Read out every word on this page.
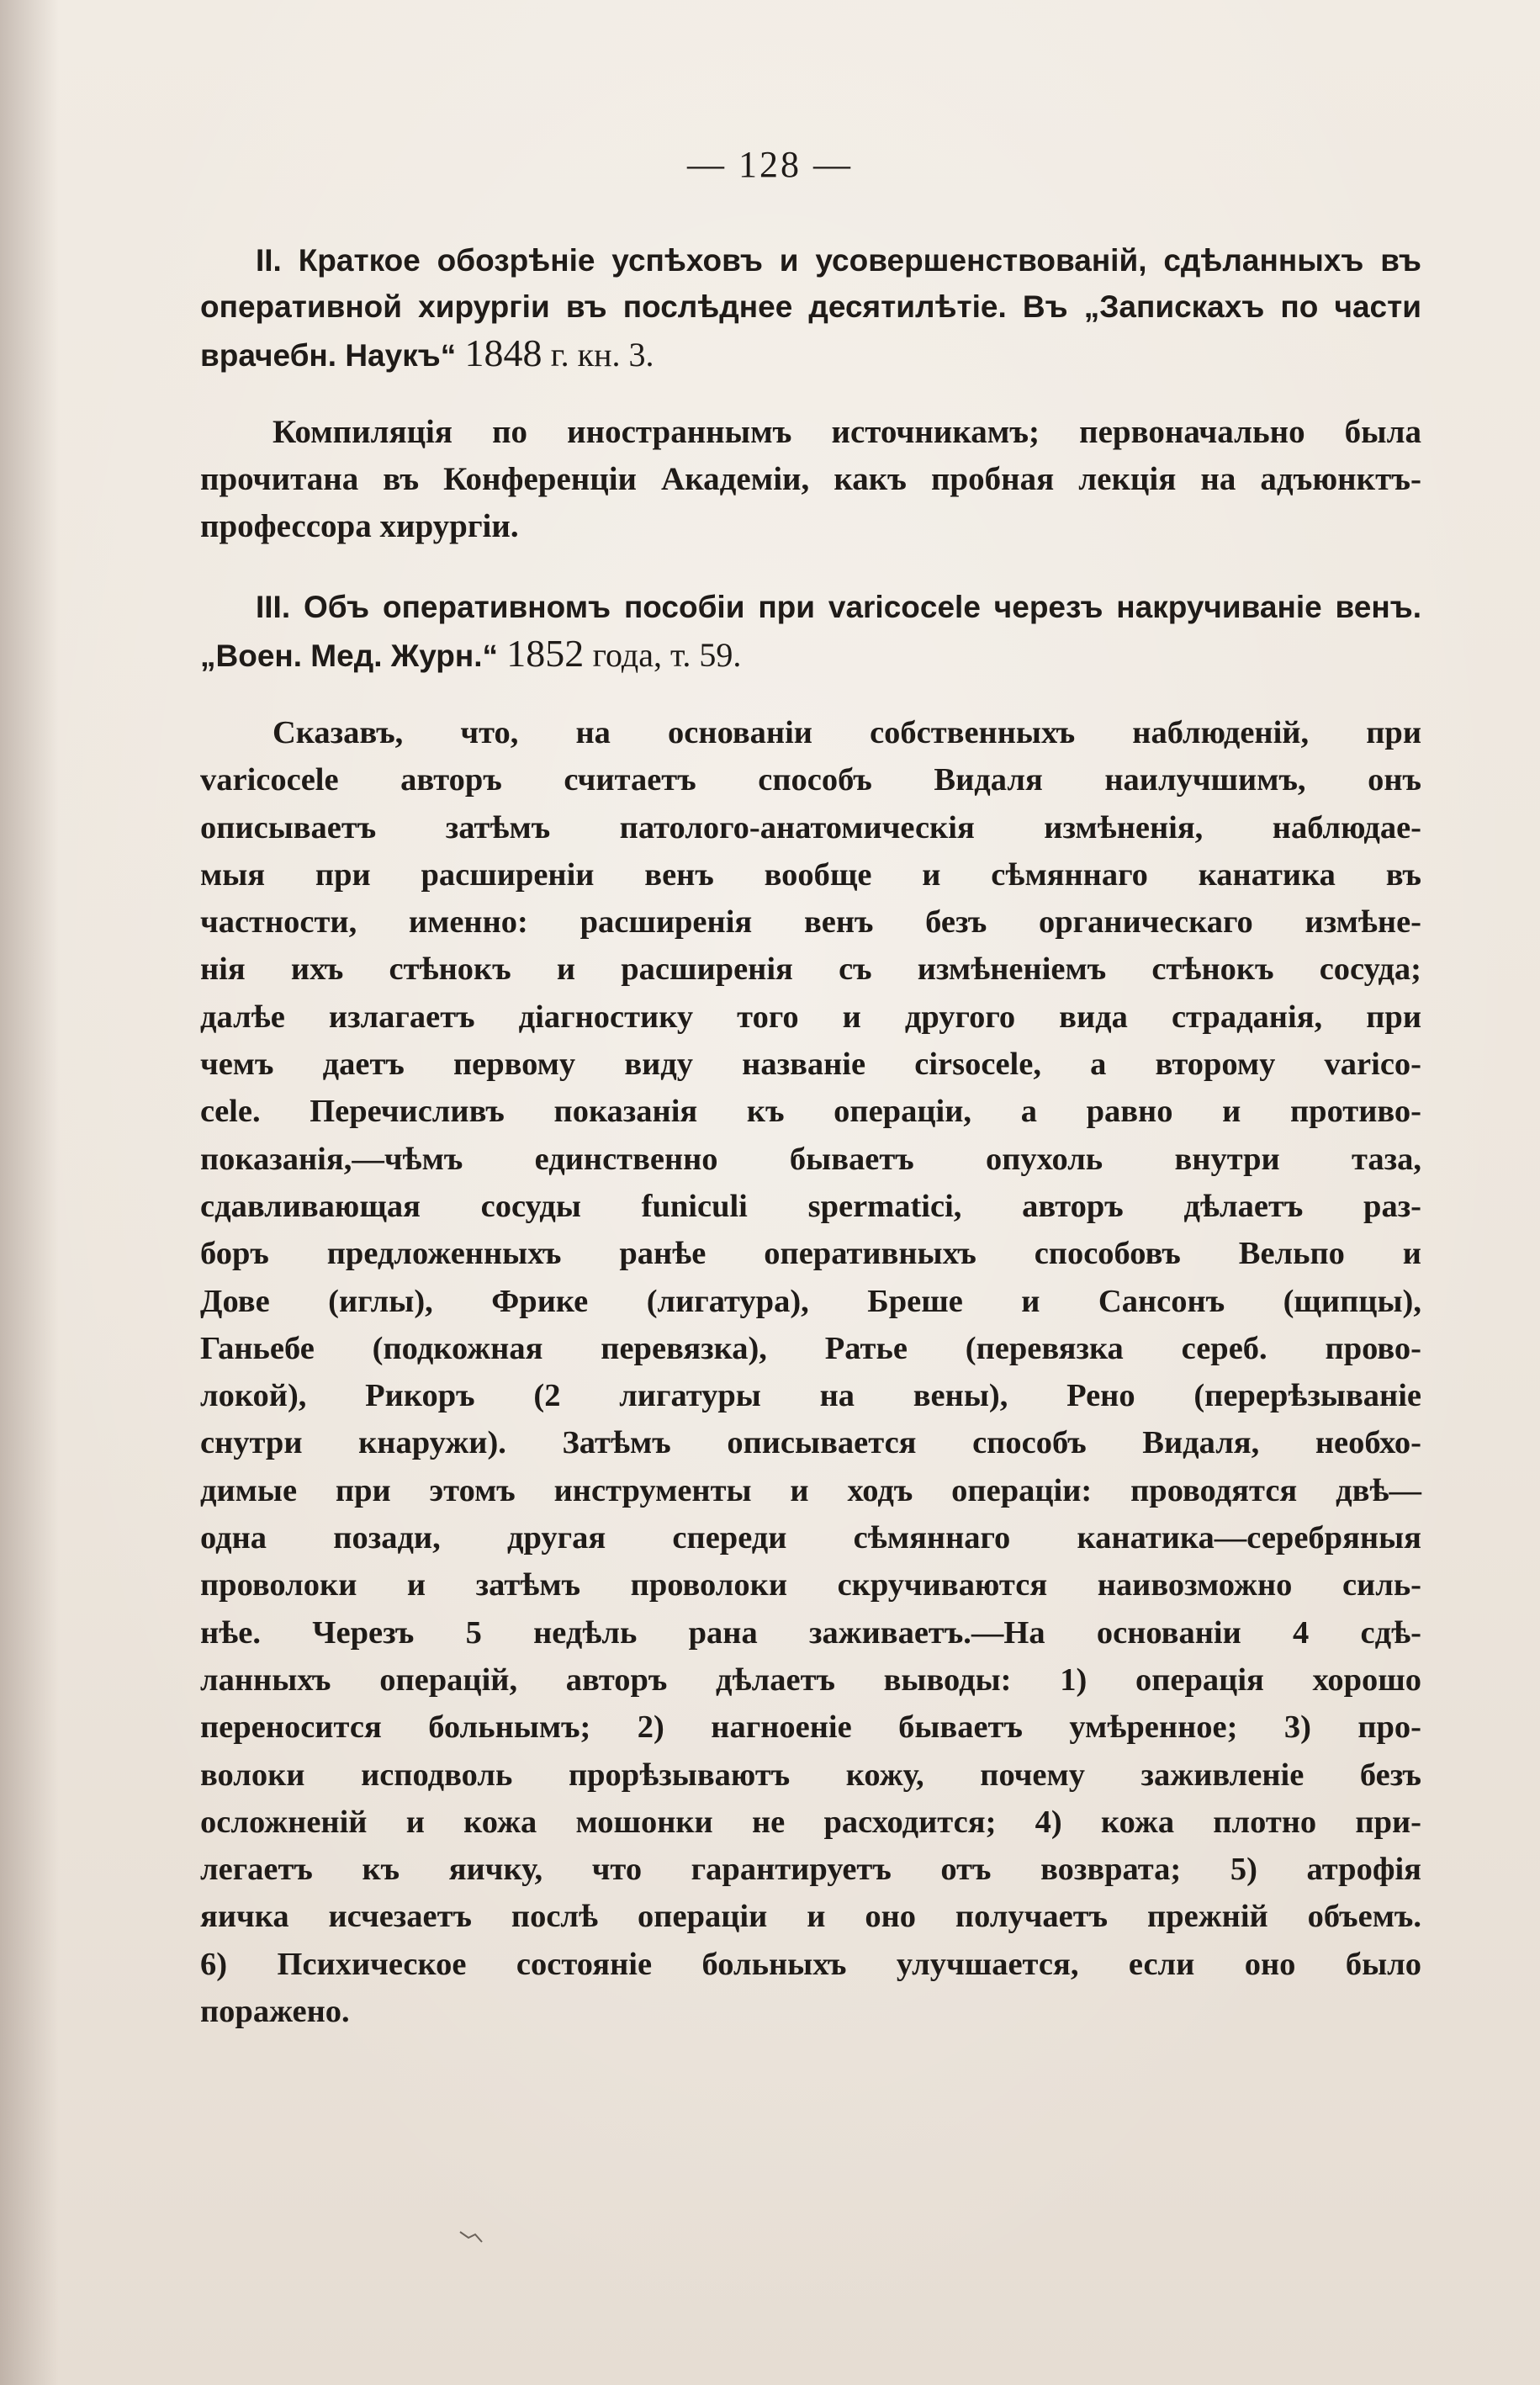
— 128 —

II. Краткое обозрѣніе успѣховъ и усовершенствованій, сдѣланныхъ въ оперативной хирургіи въ послѣднее десятилѣтіе. Въ „Запискахъ по части врачебн. Наукъ“ 1848 г. кн. 3.

Компиляція по иностраннымъ источникамъ; первоначально была прочитана въ Конференціи Академіи, какъ пробная лекція на адъюнктъ-профессора хирургіи.

III. Объ оперативномъ пособіи при varicocele черезъ накручиваніе венъ. „Воен. Мед. Журн.“ 1852 года, т. 59.

Сказавъ, что, на основаніи собственныхъ наблюденій, при
varicocele авторъ считаетъ способъ Видаля наилучшимъ, онъ
описываетъ затѣмъ патолого-анатомическія измѣненія, наблюдае-
мыя при расширеніи венъ вообще и сѣмяннаго канатика въ
частности, именно: расширенія венъ безъ органическаго измѣне-
нія ихъ стѣнокъ и расширенія съ измѣненіемъ стѣнокъ сосуда;
далѣе излагаетъ діагностику того и другого вида страданія, при
чемъ даетъ первому виду названіе cirsocele, а второму varico-
cele. Перечисливъ показанія къ операціи, а равно и противо-
показанія,—чѣмъ единственно бываетъ опухоль внутри таза,
сдавливающая сосуды funiculi spermatici, авторъ дѣлаетъ раз-
боръ предложенныхъ ранѣе оперативныхъ способовъ Вельпо и
Дове (иглы), Фрике (лигатура), Брешe и Сансонъ (щипцы),
Ганьебе (подкожная перевязка), Ратье (перевязка сереб. прово-
локой), Рикоръ (2 лигатуры на вены), Рено (перерѣзываніе
снутри кнаружи). Затѣмъ описывается способъ Видаля, необхо-
димые при этомъ инструменты и ходъ операціи: проводятся двѣ—
одна позади, другая спереди сѣмяннаго канатика—серебряныя
проволоки и затѣмъ проволоки скручиваются наивозможно силь-
нѣе. Черезъ 5 недѣль рана заживаетъ.—На основаніи 4 сдѣ-
ланныхъ операцій, авторъ дѣлаетъ выводы: 1) операція хорошо
переносится больнымъ; 2) нагноеніе бываетъ умѣренное; 3) про-
волоки исподволь прорѣзываютъ кожу, почему заживленіе безъ
осложненій и кожа мошонки не расходится; 4) кожа плотно при-
легаетъ къ яичку, что гарантируетъ отъ возврата; 5) атрофія
яичка исчезаетъ послѣ операціи и оно получаетъ прежній объемъ.
6) Психическое состояніе больныхъ улучшается, если оно было
поражено.
